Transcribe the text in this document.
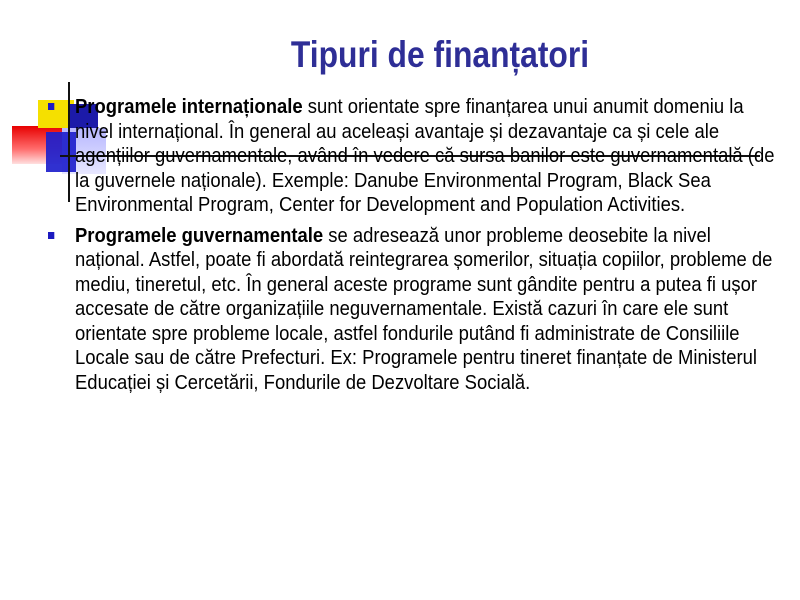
Tipuri de finanțatori
Programele internaționale sunt orientate spre finanțarea unui anumit domeniu la nivel internațional. În general au aceleași avantaje și dezavantaje ca și cele ale agențiilor guvernamentale, având în vedere că sursa banilor este guvernamentală (de la guvernele naționale). Exemple: Danube Environmental Program, Black Sea Environmental Program, Center for Development and Population Activities.
Programele guvernamentale se adresează unor probleme deosebite la nivel național. Astfel, poate fi abordată reintegrarea șomerilor, situația copiilor, probleme de mediu, tineretul, etc. În general aceste programe sunt gândite pentru a putea fi ușor accesate de către organizațiile neguvernamentale. Există cazuri în care ele sunt orientate spre probleme locale, astfel fondurile putând fi administrate de Consiliile Locale sau de către Prefecturi. Ex: Programele pentru tineret finanțate de Ministerul Educației și Cercetării, Fondurile de Dezvoltare Socială.
